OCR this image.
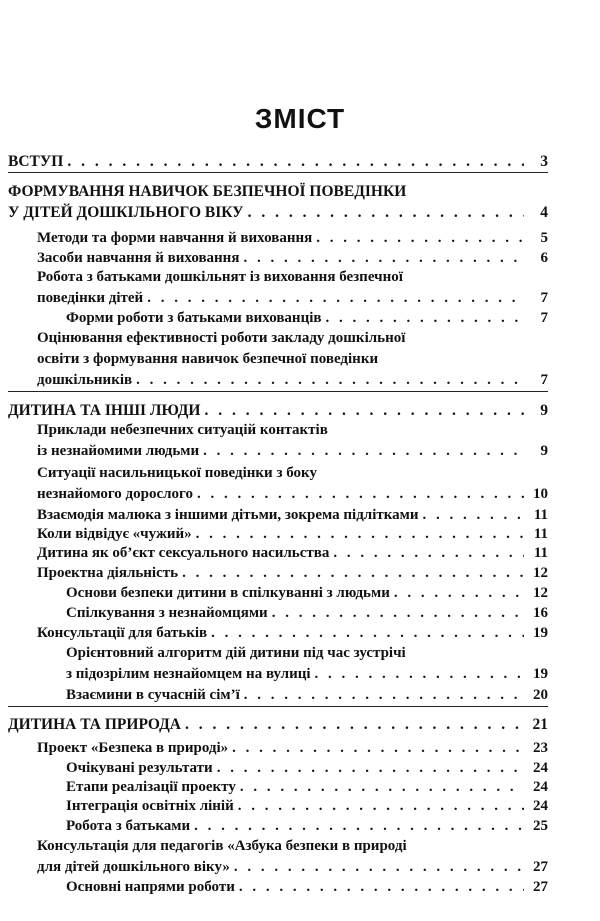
ЗМІСТ
ВСТУП . . .	3
ФОРМУВАННЯ НАВИЧОК БЕЗПЕЧНОЇ ПОВЕДІНКИ
У ДІТЕЙ ДОШКІЛЬНОГО ВІКУ . . .	4
Методи та форми навчання й виховання . . .	5
Засоби навчання й виховання . . .	6
Робота з батьками дошкільнят із виховання безпечної
поведінки дітей . . .	7
Форми роботи з батьками вихованців . . .	7
Оцінювання ефективності роботи закладу дошкільної
освіти з формування навичок безпечної поведінки
дошкільників . . .	7
ДИТИНА ТА ІНШІ ЛЮДИ . . .	9
Приклади небезпечних ситуацій контактів
із незнайомими людьми . . .	9
Ситуації насильницької поведінки з боку
незнайомого дорослого . . .	10
Взаємодія малюка з іншими дітьми, зокрема підлітками . . .	11
Коли відвідує «чужий» . . .	11
Дитина як об’єкт сексуального насильства . . .	11
Проектна діяльність . . .	12
Основи безпеки дитини в спілкуванні з людьми . . .	12
Спілкування з незнайомцями . . .	16
Консультації для батьків . . .	19
Орієнтовний алгоритм дій дитини під час зустрічі
з підозрілим незнайомцем на вулиці . . .	19
Взаємини в сучасній сім’ї . . .	20
ДИТИНА ТА ПРИРОДА . . .	21
Проект «Безпека в природі» . . .	23
Очікувані результати . . .	24
Етапи реалізації проекту . . .	24
Інтеграція освітніх ліній . . .	24
Робота з батьками . . .	25
Консультація для педагогів «Азбука безпеки в природі
для дітей дошкільного віку» . . .	27
Основні напрями роботи . . .	27
